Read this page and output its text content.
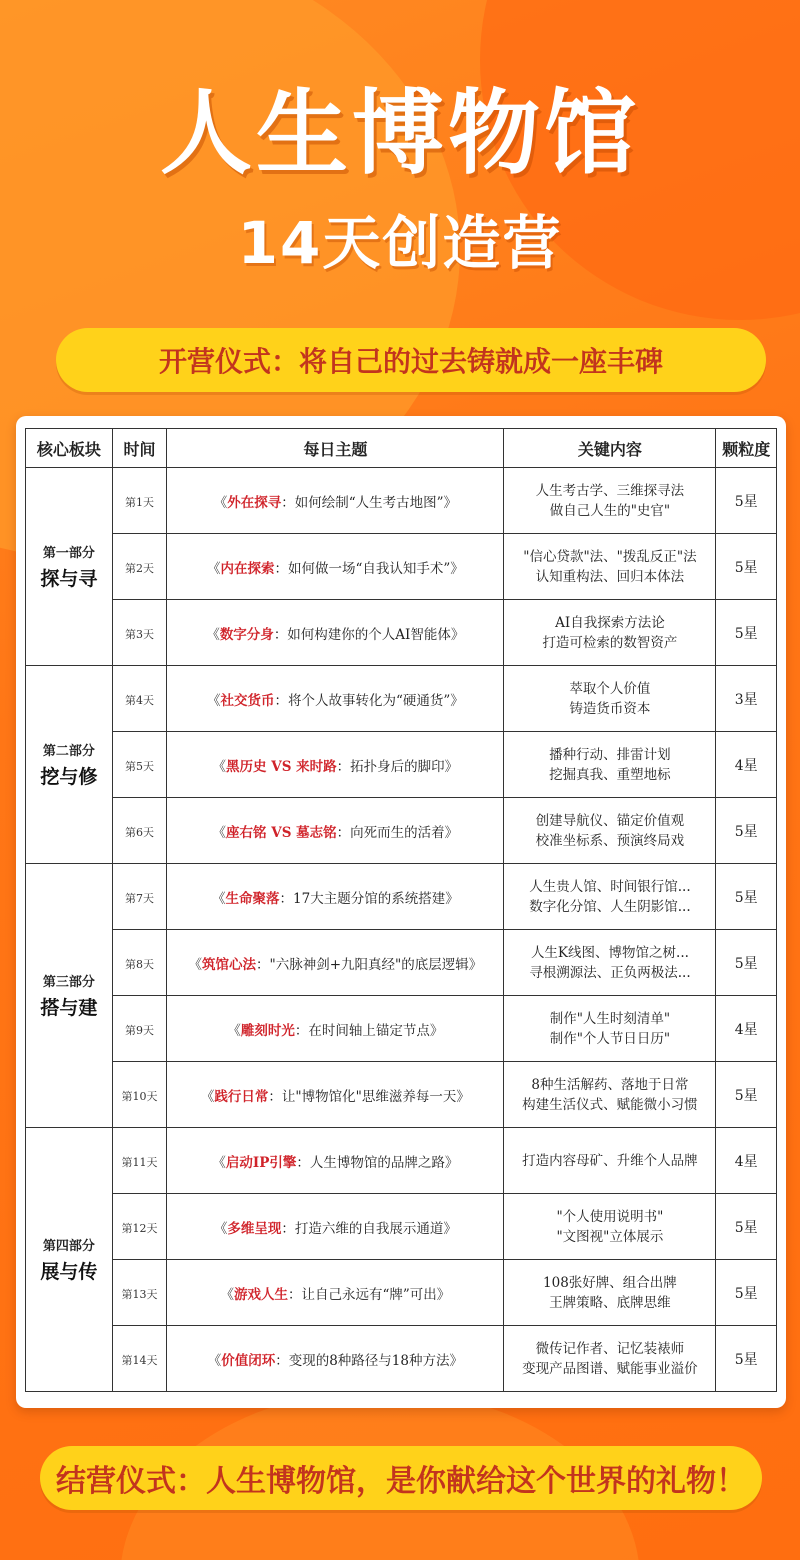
人生博物馆
14天创造营
开营仪式：将自己的过去铸就成一座丰碑
核心板块	时间	每日主题	关键内容	颗粒度

第一部分
探与寻	第1天	《外在探寻：如何绘制“人生考古地图”》	人生考古学、三维探寻法
做自己人生的"史官"	5星
	第2天	《内在探索：如何做一场“自我认知手术”》	"信心贷款"法、"拨乱反正"法
认知重构法、回归本体法	5星
	第3天	《数字分身：如何构建你的个人AI智能体》	AI自我探索方法论
打造可检索的数智资产	5星

第二部分
挖与修	第4天	《社交货币：将个人故事转化为“硬通货”》	萃取个人价值
铸造货币资本	3星
	第5天	《黑历史 VS 来时路：拓扑身后的脚印》	播种行动、排雷计划
挖掘真我、重塑地标	4星
	第6天	《座右铭 VS 墓志铭：向死而生的活着》	创建导航仪、锚定价值观
校准坐标系、预演终局戏	5星

第三部分
搭与建	第7天	《生命聚落：17大主题分馆的系统搭建》	人生贵人馆、时间银行馆...
数字化分馆、人生阴影馆...	5星
	第8天	《筑馆心法："六脉神剑+九阳真经"的底层逻辑》	人生K线图、博物馆之树...
寻根溯源法、正负两极法...	5星
	第9天	《雕刻时光：在时间轴上锚定节点》	制作"人生时刻清单"
制作"个人节日日历"	4星
	第10天	《践行日常：让"博物馆化"思维滋养每一天》	8种生活解药、落地于日常
构建生活仪式、赋能微小习惯	5星

第四部分
展与传	第11天	《启动IP引擎：人生博物馆的品牌之路》	打造内容母矿、升维个人品牌	4星
	第12天	《多维呈现：打造六维的自我展示通道》	"个人使用说明书"
"文图视"立体展示	5星
	第13天	《游戏人生：让自己永远有“牌”可出》	108张好牌、组合出牌
王牌策略、底牌思维	5星
	第14天	《价值闭环：变现的8种路径与18种方法》	微传记作者、记忆装裱师
变现产品图谱、赋能事业溢价	5星
结营仪式：人生博物馆，是你献给这个世界的礼物！
